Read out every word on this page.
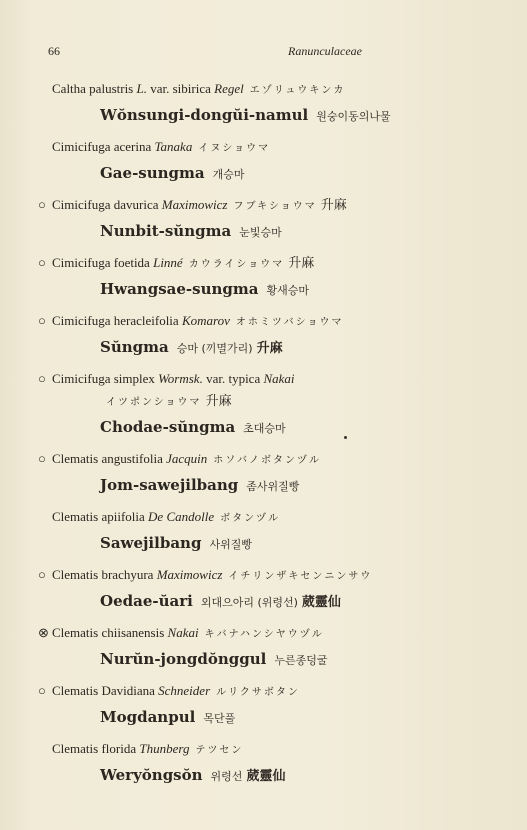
66	Ranunculaceae
Caltha palustris L. var. sibirica Regel エゾリュウキンカ
Wŏnsungi-dongŭi-namul 원숭이동의나물
Cimicifuga acerina Tanaka イヌショウマ
Gae-sungma 개승마
○ Cimicifuga davurica Maximowicz フブキショウマ 升麻
Nunbit-sŭngma 눈빛승마
○ Cimicifuga foetida Linné カウライショウマ 升麻
Hwangsae-sungma 황새승마
○ Cimicifuga heracleifolia Komarov オホミツバショウマ
Sŭngma 승마 (끼멸가리) 升麻
○ Cimicifuga simplex Wormsk. var. typica Nakai
イツポンショウマ 升麻
Chodae-sŭngma 초대승마
○ Clematis angustifolia Jacquin ホソバノボタンヅル
Jom-sawejilbang 좀사위질빵
Clematis apiifolia De Candolle ボタンヅル
Sawejilbang 사위질빵
○ Clematis brachyura Maximowicz イチリンザキセンニンサウ
Oedae-ŭari 외대으아리 (위령선) 葳靈仙
⊗ Clematis chiisanensis Nakai キバナハンシヤウヅル
Nurŭn-jongdŏnggul 누른종덩굴
○ Clematis Davidiana Schneider ルリクサボタン
Mogdanpul 목단풀
Clematis florida Thunberg テツセン
Weryŏngsŏn 위령선 葳靈仙
